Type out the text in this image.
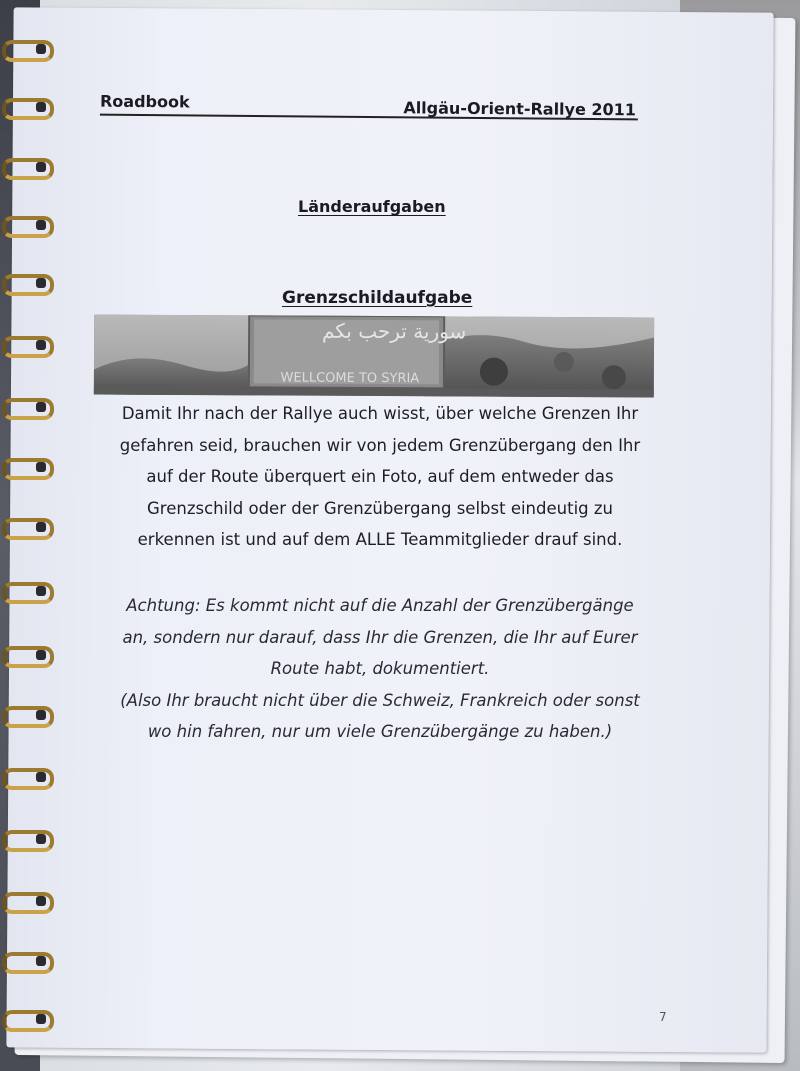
Roadbook	Allgäu-Orient-Rallye 2011
Länderaufgaben
Grenzschildaufgabe
سورية ترحب بكم
WELLCOME TO SYRIA
Damit Ihr nach der Rallye auch wisst, über welche Grenzen Ihr
gefahren seid, brauchen wir von jedem Grenzübergang den Ihr
auf der Route überquert ein Foto, auf dem entweder das
Grenzschild oder der Grenzübergang selbst eindeutig zu
erkennen ist und auf dem ALLE Teammitglieder drauf sind.
Achtung: Es kommt nicht auf die Anzahl der Grenzübergänge
an, sondern nur darauf, dass Ihr die Grenzen, die Ihr auf Eurer
Route habt, dokumentiert.
(Also Ihr braucht nicht über die Schweiz, Frankreich oder sonst
wo hin fahren, nur um viele Grenzübergänge zu haben.)
7
